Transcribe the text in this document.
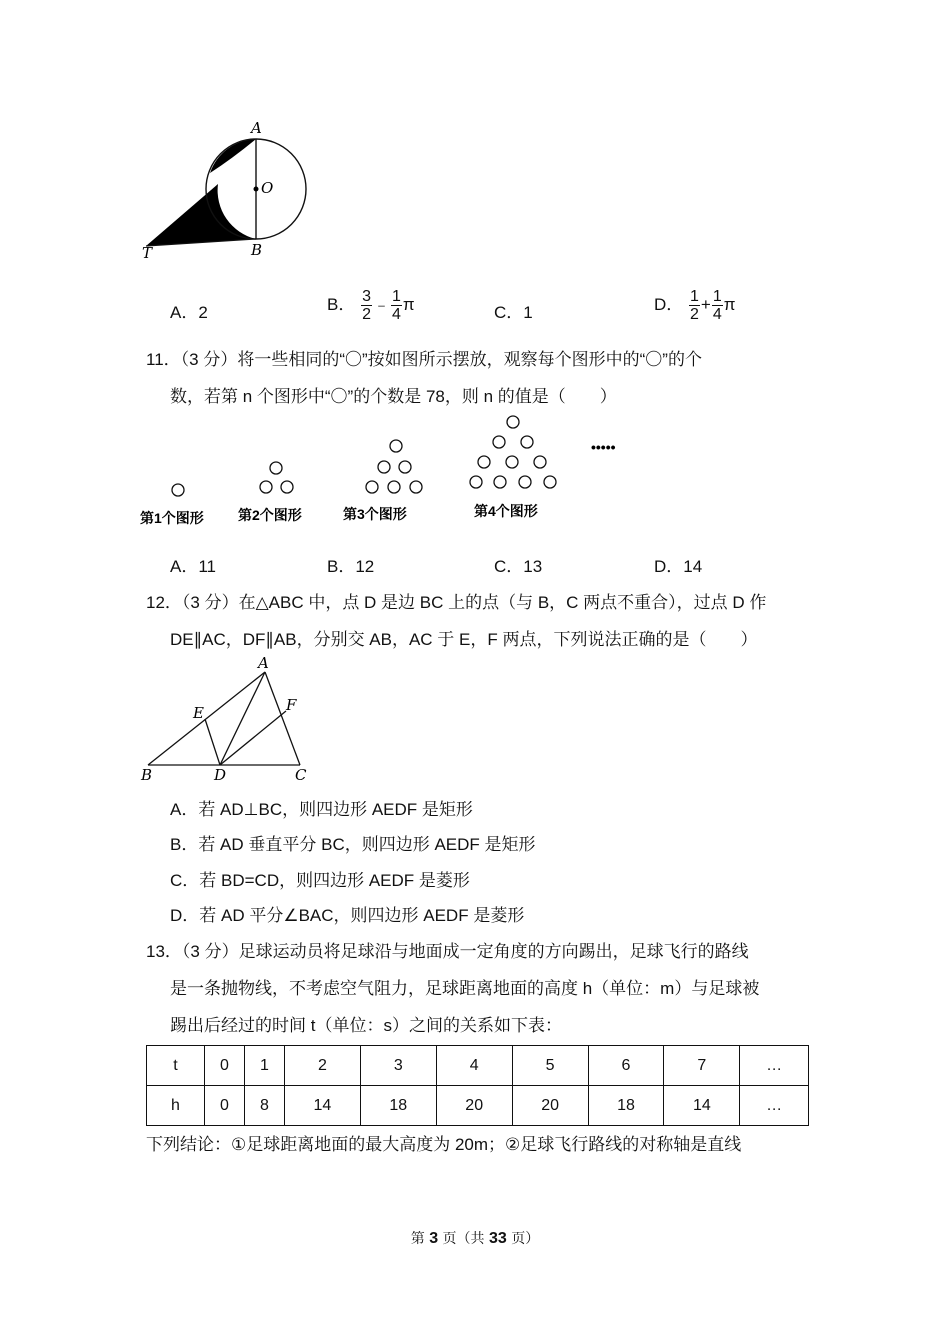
A
O
T	B
A．2	B． $\frac{3}{2}$ ﹣ $\frac{1}{4}$ π	C．1	D． $\frac{1}{2} + \frac{1}{4}$ π
11．（3 分）将一些相同的“〇”按如图所示摆放，观察每个图形中的“〇”的个
数，若第 n 个图形中“〇”的个数是 78，则 n 的值是（　　）
第1个图形 第2个图形	第3个图形	第4个图形
•••••
A．11	B．12	C．13	D．14
12．（3 分）在△ABC 中，点 D 是边 BC 上的点（与 B，C 两点不重合），过点 D 作
DE∥AC，DF∥AB，分别交 AB，AC 于 E，F 两点，下列说法正确的是（　　）
A
E	F
B	D	C
A．若 AD⊥BC，则四边形 AEDF 是矩形
B．若 AD 垂直平分 BC，则四边形 AEDF 是矩形
C．若 BD=CD，则四边形 AEDF 是菱形
D．若 AD 平分∠BAC，则四边形 AEDF 是菱形
13．（3 分）足球运动员将足球沿与地面成一定角度的方向踢出，足球飞行的路线
是一条抛物线，不考虑空气阻力，足球距离地面的高度 h（单位：m）与足球被
踢出后经过的时间 t（单位：s）之间的关系如下表：
t	0	1	2	3	4	5	6	7	…
h	0	8	14	18	20	20	18	14	…
下列结论：①足球距离地面的最大高度为 20m；②足球飞行路线的对称轴是直线
第 3 页（共 33 页）
